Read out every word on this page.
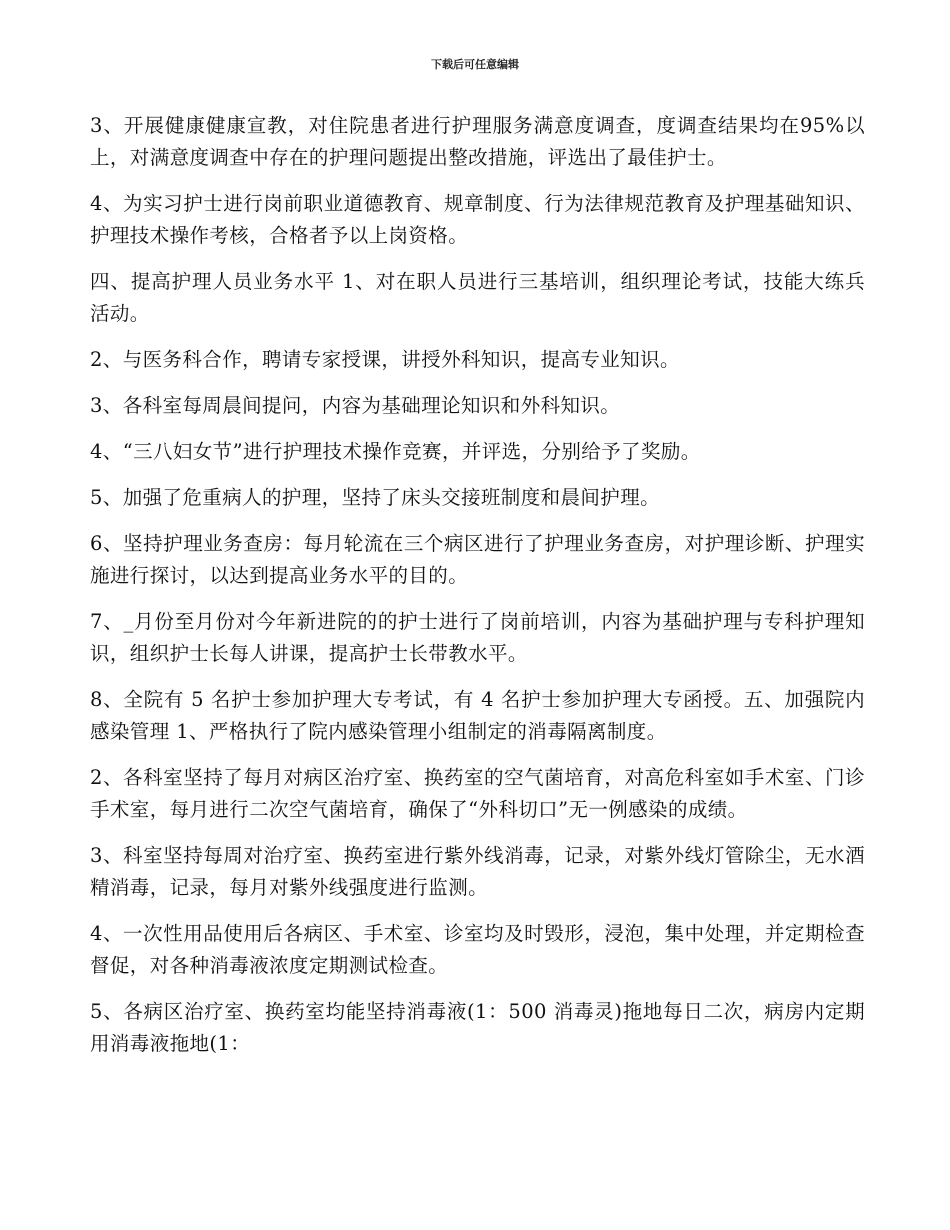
下载后可任意编辑

3、开展健康健康宣教，对住院患者进行护理服务满意度调查，度调查结果均在95%以上，对满意度调查中存在的护理问题提出整改措施，评选出了最佳护士。

4、为实习护士进行岗前职业道德教育、规章制度、行为法律规范教育及护理基础知识、护理技术操作考核，合格者予以上岗资格。

四、提高护理人员业务水平 1、对在职人员进行三基培训，组织理论考试，技能大练兵活动。

2、与医务科合作，聘请专家授课，讲授外科知识，提高专业知识。

3、各科室每周晨间提问，内容为基础理论知识和外科知识。

4、“三八妇女节”进行护理技术操作竞赛，并评选，分别给予了奖励。

5、加强了危重病人的护理，坚持了床头交接班制度和晨间护理。

6、坚持护理业务查房：每月轮流在三个病区进行了护理业务查房，对护理诊断、护理实施进行探讨，以达到提高业务水平的目的。

7、_月份至月份对今年新进院的的护士进行了岗前培训，内容为基础护理与专科护理知识，组织护士长每人讲课，提高护士长带教水平。

8、全院有 5 名护士参加护理大专考试，有 4 名护士参加护理大专函授。五、加强院内感染管理 1、严格执行了院内感染管理小组制定的消毒隔离制度。

2、各科室坚持了每月对病区治疗室、换药室的空气菌培育，对高危科室如手术室、门诊手术室，每月进行二次空气菌培育，确保了“外科切口”无一例感染的成绩。

3、科室坚持每周对治疗室、换药室进行紫外线消毒，记录，对紫外线灯管除尘，无水酒精消毒，记录，每月对紫外线强度进行监测。

4、一次性用品使用后各病区、手术室、诊室均及时毁形，浸泡，集中处理，并定期检查督促，对各种消毒液浓度定期测试检查。

5、各病区治疗室、换药室均能坚持消毒液(1：500 消毒灵)拖地每日二次，病房内定期用消毒液拖地(1：
